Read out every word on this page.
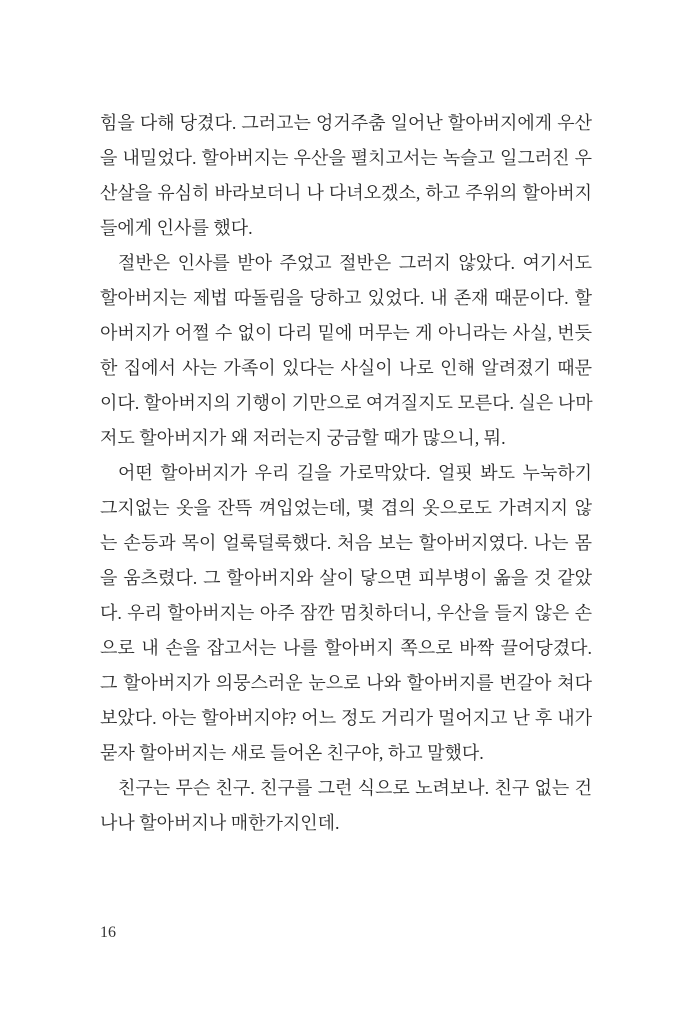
힘을 다해 당겼다. 그러고는 엉거주춤 일어난 할아버지에게 우산
을 내밀었다. 할아버지는 우산을 펼치고서는 녹슬고 일그러진 우
산살을 유심히 바라보더니 나 다녀오겠소, 하고 주위의 할아버지
들에게 인사를 했다.
절반은 인사를 받아 주었고 절반은 그러지 않았다. 여기서도
할아버지는 제법 따돌림을 당하고 있었다. 내 존재 때문이다. 할
아버지가 어쩔 수 없이 다리 밑에 머무는 게 아니라는 사실, 번듯
한 집에서 사는 가족이 있다는 사실이 나로 인해 알려졌기 때문
이다. 할아버지의 기행이 기만으로 여겨질지도 모른다. 실은 나마
저도 할아버지가 왜 저러는지 궁금할 때가 많으니, 뭐.
어떤 할아버지가 우리 길을 가로막았다. 얼핏 봐도 누눅하기
그지없는 옷을 잔뜩 껴입었는데, 몇 겹의 옷으로도 가려지지 않
는 손등과 목이 얼룩덜룩했다. 처음 보는 할아버지였다. 나는 몸
을 움츠렸다. 그 할아버지와 살이 닿으면 피부병이 옮을 것 같았
다. 우리 할아버지는 아주 잠깐 멈칫하더니, 우산을 들지 않은 손
으로 내 손을 잡고서는 나를 할아버지 쪽으로 바짝 끌어당겼다.
그 할아버지가 의뭉스러운 눈으로 나와 할아버지를 번갈아 쳐다
보았다. 아는 할아버지야? 어느 정도 거리가 멀어지고 난 후 내가
묻자 할아버지는 새로 들어온 친구야, 하고 말했다.
친구는 무슨 친구. 친구를 그런 식으로 노려보나. 친구 없는 건
나나 할아버지나 매한가지인데.
16
